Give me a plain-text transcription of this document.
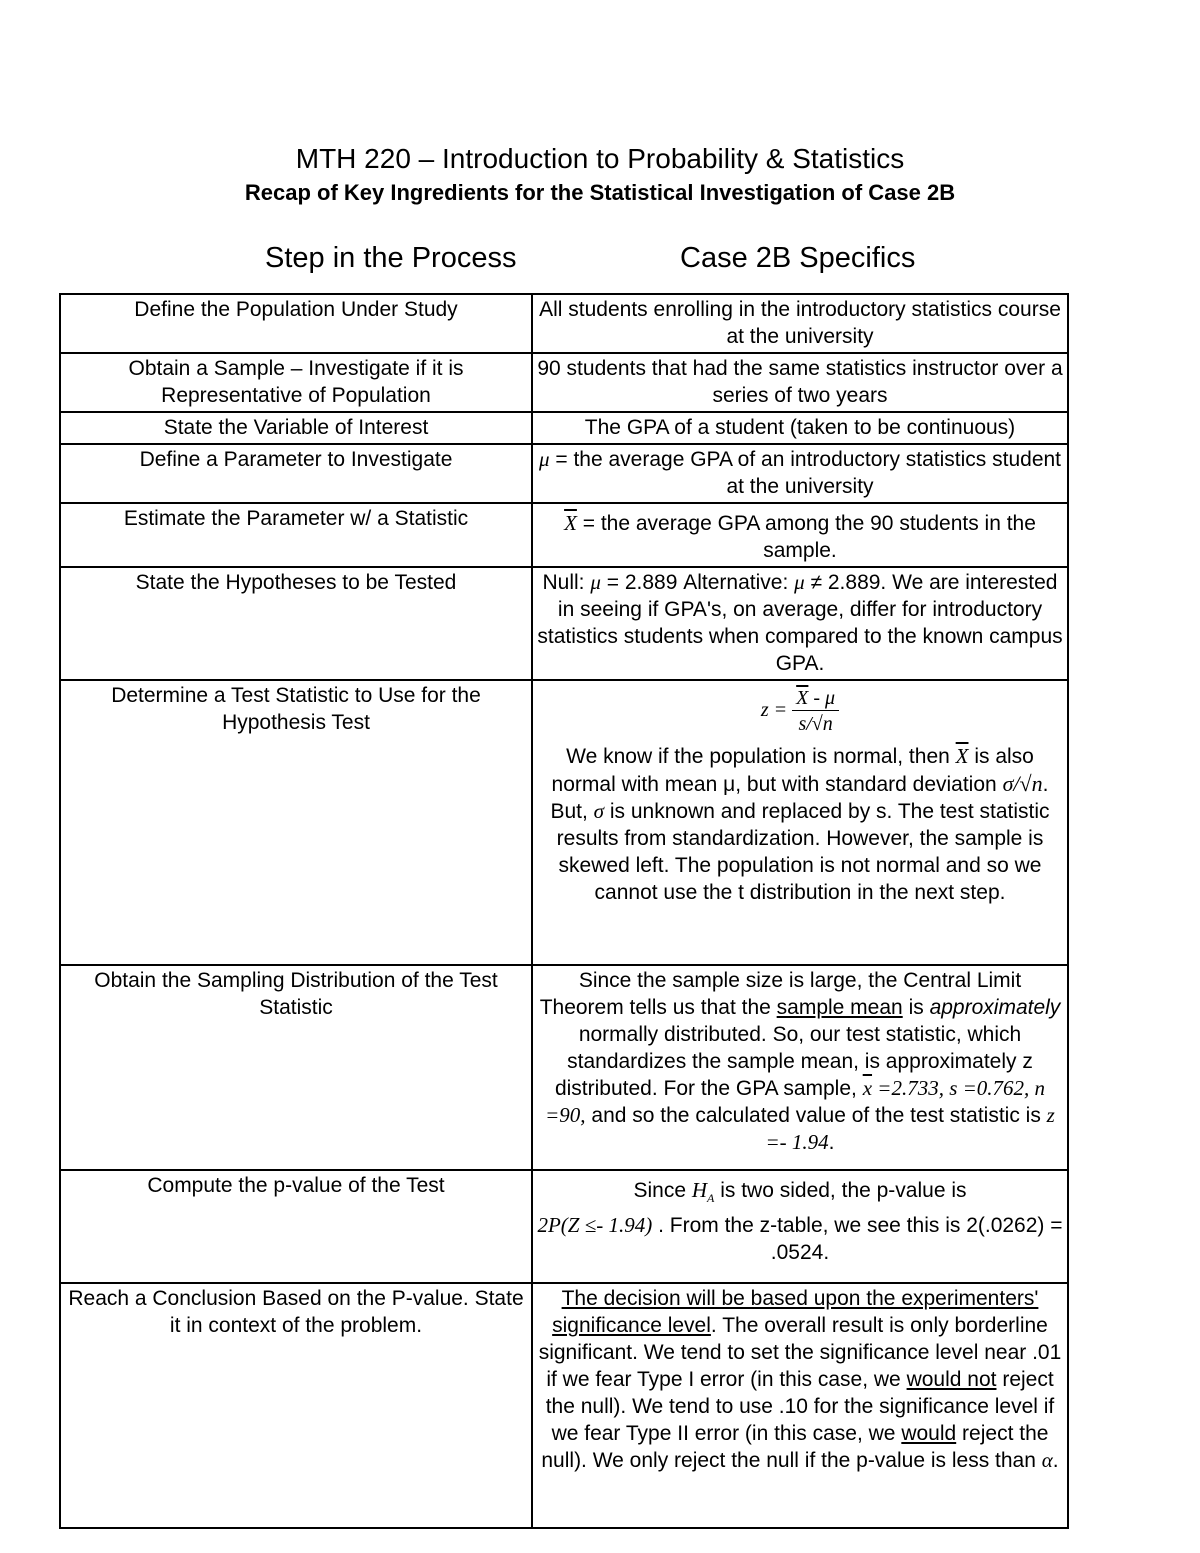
MTH 220 – Introduction to Probability & Statistics
Recap of Key Ingredients for the Statistical Investigation of Case 2B
Step in the Process	Case 2B Specifics
Define the Population Under Study	All students enrolling in the introductory statistics course at the university
Obtain a Sample – Investigate if it is Representative of Population	90 students that had the same statistics instructor over a series of two years
State the Variable of Interest	The GPA of a student (taken to be continuous)
Define a Parameter to Investigate	μ = the average GPA of an introductory statistics student at the university
Estimate the Parameter w/ a Statistic	$\overline{X}$ = the average GPA among the 90 students in the sample.
State the Hypotheses to be Tested	Null: μ = 2.889 Alternative: μ ≠ 2.889. We are interested in seeing if GPA's, on average, differ for introductory statistics students when compared to the known campus GPA.
Determine a Test Statistic to Use for the Hypothesis Test	$z = \frac{\overline{X} - \mu}{s/√n}$
We know if the population is normal, then $\overline{X}$ is also normal with mean μ, but with standard deviation σ/√n. But, σ is unknown and replaced by s. The test statistic results from standardization. However, the sample is skewed left. The population is not normal and so we cannot use the t distribution in the next step.
Obtain the Sampling Distribution of the Test Statistic	Since the sample size is large, the Central Limit Theorem tells us that the sample mean is approximately normally distributed. So, our test statistic, which standardizes the sample mean, is approximately z distributed. For the GPA sample, $\overline{x} =2.733$, s =0.762, n =90, and so the calculated value of the test statistic is z =- 1.94.
Compute the p-value of the Test	Since $H_A$ is two sided, the p-value is
2P(Z ≤- 1.94) . From the z-table, we see this is 2(.0262) = .0524.
Reach a Conclusion Based on the P-value. State it in context of the problem.	The decision will be based upon the experimenters' significance level. The overall result is only borderline significant. We tend to set the significance level near .01 if we fear Type I error (in this case, we would not reject the null). We tend to use .10 for the significance level if we fear Type II error (in this case, we would reject the null). We only reject the null if the p-value is less than α.
